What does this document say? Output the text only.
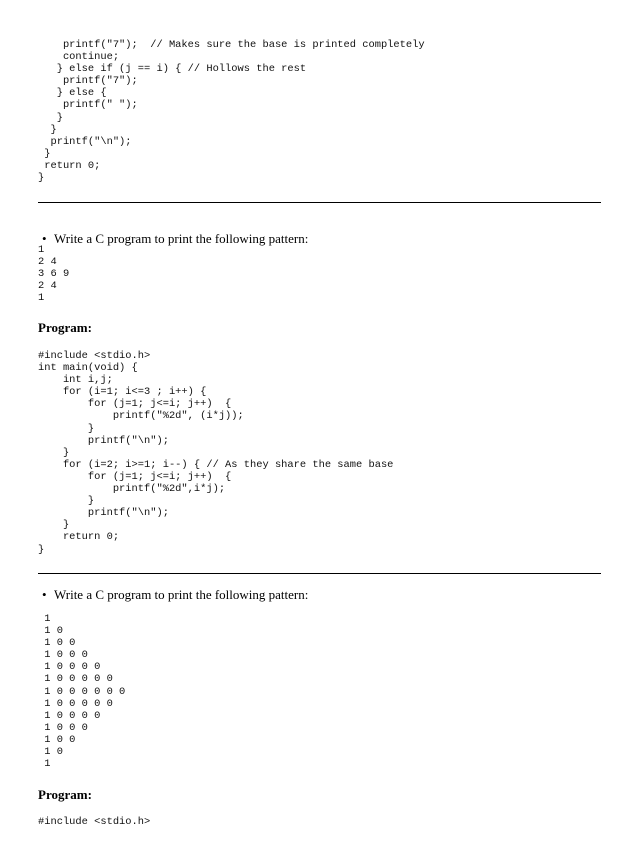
printf("7");  // Makes sure the base is printed completely
continue;
} else if (j == i) { // Hollows the rest
printf("7");
} else {
printf(" ");
}
}
printf("\n");
}
return 0;
}
• Write a C program to print the following pattern:
1
2 4
3 6 9
2 4
1
Program:
#include <stdio.h>
int main(void) {
int i,j;
for (i=1; i<=3 ; i++) {
for (j=1; j<=i; j++)  {
printf("%2d", (i*j));
}
printf("\n");
}
for (i=2; i>=1; i--) { // As they share the same base
for (j=1; j<=i; j++)  {
printf("%2d",i*j);
}
printf("\n");
}
return 0;
}
• Write a C program to print the following pattern:
1
1 0
1 0 0
1 0 0 0
1 0 0 0 0
1 0 0 0 0 0
1 0 0 0 0 0 0
1 0 0 0 0 0
1 0 0 0 0
1 0 0 0
1 0 0
1 0
1
Program:
#include <stdio.h>
